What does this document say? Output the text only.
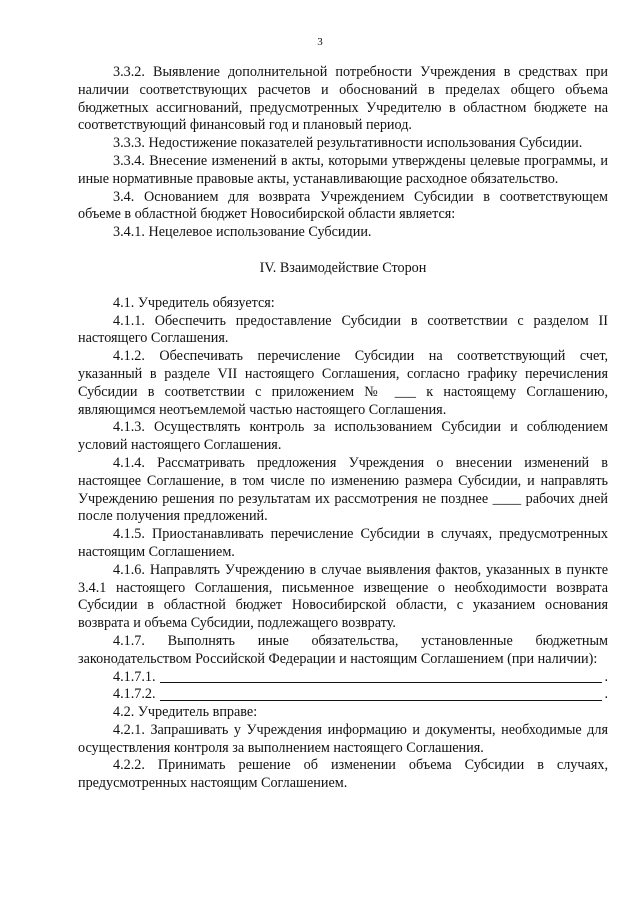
3

3.3.2. Выявление дополнительной потребности Учреждения в средствах при наличии соответствующих расчетов и обоснований в пределах общего объема бюджетных ассигнований, предусмотренных Учредителю в областном бюджете на соответствующий финансовый год и плановый период.

3.3.3. Недостижение показателей результативности использования Субсидии.

3.3.4. Внесение изменений в акты, которыми утверждены целевые программы, и иные нормативные правовые акты, устанавливающие расходное обязательство.

3.4. Основанием для возврата Учреждением Субсидии в соответствующем объеме в областной бюджет Новосибирской области является:

3.4.1. Нецелевое использование Субсидии.

IV. Взаимодействие Сторон

4.1. Учредитель обязуется:

4.1.1. Обеспечить предоставление Субсидии в соответствии с разделом II настоящего Соглашения.

4.1.2. Обеспечивать перечисление Субсидии на соответствующий счет, указанный в разделе VII настоящего Соглашения, согласно графику перечисления Субсидии в соответствии с приложением № ___ к настоящему Соглашению, являющимся неотъемлемой частью настоящего Соглашения.

4.1.3. Осуществлять контроль за использованием Субсидии и соблюдением условий настоящего Соглашения.

4.1.4. Рассматривать предложения Учреждения о внесении изменений в настоящее Соглашение, в том числе по изменению размера Субсидии, и направлять Учреждению решения по результатам их рассмотрения не позднее ____ рабочих дней после получения предложений.

4.1.5. Приостанавливать перечисление Субсидии в случаях, предусмотренных настоящим Соглашением.

4.1.6. Направлять Учреждению в случае выявления фактов, указанных в пункте 3.4.1 настоящего Соглашения, письменное извещение о необходимости возврата Субсидии в областной бюджет Новосибирской области, с указанием основания возврата и объема Субсидии, подлежащего возврату.

4.1.7. Выполнять иные обязательства, установленные бюджетным законодательством Российской Федерации и настоящим Соглашением (при наличии):

4.1.7.1.	.
4.1.7.2.	.

4.2. Учредитель вправе:

4.2.1. Запрашивать у Учреждения информацию и документы, необходимые для осуществления контроля за выполнением настоящего Соглашения.

4.2.2. Принимать решение об изменении объема Субсидии в случаях, предусмотренных настоящим Соглашением.
